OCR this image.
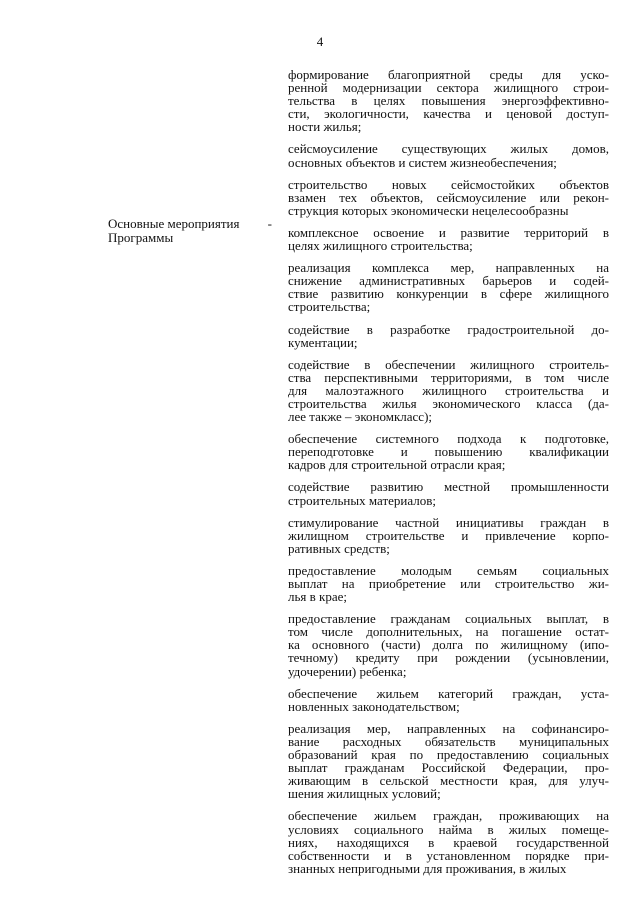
4
Основные мероприятия	-
Программы
формирование благоприятной среды для уско-
ренной модернизации сектора жилищного строи-
тельства в целях повышения энергоэффективно-
сти, экологичности, качества и ценовой доступ-
ности жилья;
сейсмоусиление существующих жилых домов,
основных объектов и систем жизнеобеспечения;
строительство новых сейсмостойких объектов
взамен тех объектов, сейсмоусиление или рекон-
струкция которых экономически нецелесообразны
комплексное освоение и развитие территорий в
целях жилищного строительства;
реализация комплекса мер, направленных на
снижение административных барьеров и содей-
ствие развитию конкуренции в сфере жилищного
строительства;
содействие в разработке градостроительной до-
кументации;
содействие в обеспечении жилищного строитель-
ства перспективными территориями, в том числе
для малоэтажного жилищного строительства и
строительства жилья экономического класса (да-
лее также – экономкласс);
обеспечение системного подхода к подготовке,
переподготовке и повышению квалификации
кадров для строительной отрасли края;
содействие развитию местной промышленности
строительных материалов;
стимулирование частной инициативы граждан в
жилищном строительстве и привлечение корпо-
ративных средств;
предоставление молодым семьям социальных
выплат на приобретение или строительство жи-
лья в крае;
предоставление гражданам социальных выплат, в
том числе дополнительных, на погашение остат-
ка основного (части) долга по жилищному (ипо-
течному) кредиту при рождении (усыновлении,
удочерении) ребенка;
обеспечение жильем категорий граждан, уста-
новленных законодательством;
реализация мер, направленных на софинансиро-
вание расходных обязательств муниципальных
образований края по предоставлению социальных
выплат гражданам Российской Федерации, про-
живающим в сельской местности края, для улуч-
шения жилищных условий;
обеспечение жильем граждан, проживающих на
условиях социального найма в жилых помеще-
ниях, находящихся в краевой государственной
собственности и в установленном порядке при-
знанных непригодными для проживания, в жилых
